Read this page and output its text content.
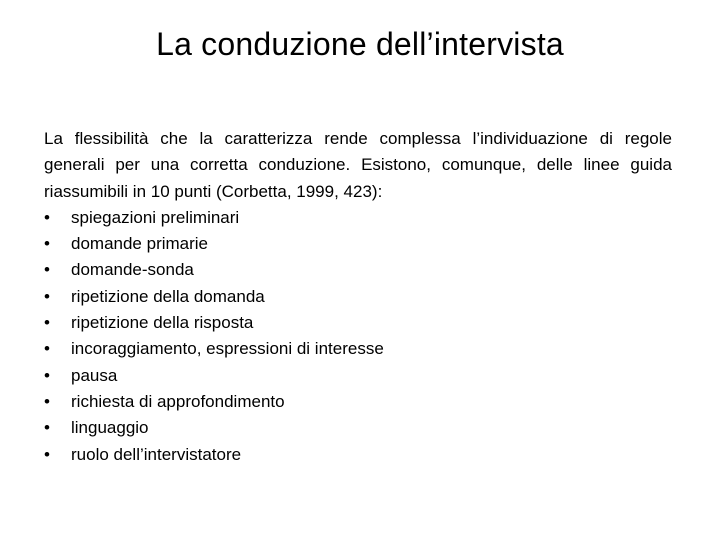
La conduzione dell’intervista

La flessibilità che la caratterizza rende complessa l’individuazione di regole generali per una corretta conduzione. Esistono, comunque, delle linee guida riassumibili in 10 punti (Corbetta, 1999, 423):

•	spiegazioni preliminari
•	domande primarie
•	domande-sonda
•	ripetizione della domanda
•	ripetizione della risposta
•	incoraggiamento, espressioni di interesse
•	pausa
•	richiesta di approfondimento
•	linguaggio
•	ruolo dell’intervistatore
